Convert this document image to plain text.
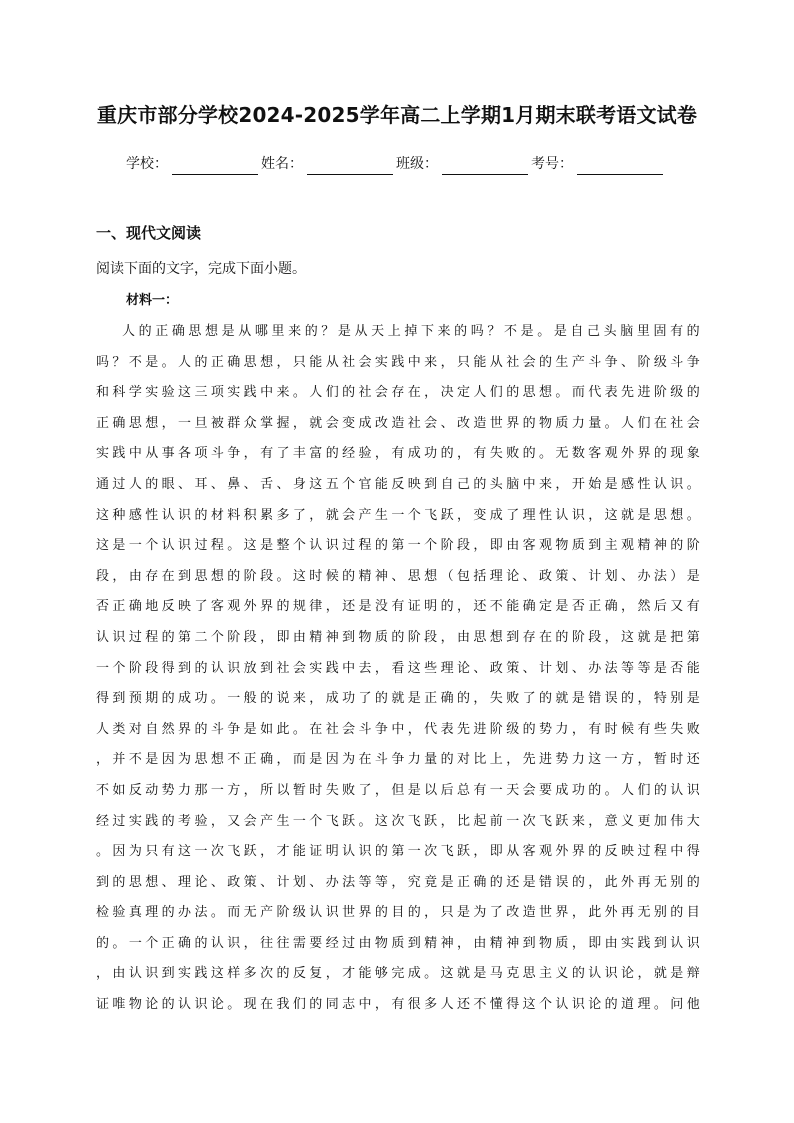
重庆市部分学校2024-2025学年高二上学期1月期末联考语文试卷
学校：	姓名：	班级：	考号：
一、现代文阅读
阅读下面的文字，完成下面小题。
材料一：
人的正确思想是从哪里来的？是从天上掉下来的吗？不是。是自己头脑里固有的
吗？不是。人的正确思想，只能从社会实践中来，只能从社会的生产斗争、阶级斗争
和科学实验这三项实践中来。人们的社会存在，决定人们的思想。而代表先进阶级的
正确思想，一旦被群众掌握，就会变成改造社会、改造世界的物质力量。人们在社会
实践中从事各项斗争，有了丰富的经验，有成功的，有失败的。无数客观外界的现象
通过人的眼、耳、鼻、舌、身这五个官能反映到自己的头脑中来，开始是感性认识。
这种感性认识的材料积累多了，就会产生一个飞跃，变成了理性认识，这就是思想。
这是一个认识过程。这是整个认识过程的第一个阶段，即由客观物质到主观精神的阶
段，由存在到思想的阶段。这时候的精神、思想（包括理论、政策、计划、办法）是
否正确地反映了客观外界的规律，还是没有证明的，还不能确定是否正确，然后又有
认识过程的第二个阶段，即由精神到物质的阶段，由思想到存在的阶段，这就是把第
一个阶段得到的认识放到社会实践中去，看这些理论、政策、计划、办法等等是否能
得到预期的成功。一般的说来，成功了的就是正确的，失败了的就是错误的，特别是
人类对自然界的斗争是如此。在社会斗争中，代表先进阶级的势力，有时候有些失败
，并不是因为思想不正确，而是因为在斗争力量的对比上，先进势力这一方，暂时还
不如反动势力那一方，所以暂时失败了，但是以后总有一天会要成功的。人们的认识
经过实践的考验，又会产生一个飞跃。这次飞跃，比起前一次飞跃来，意义更加伟大
。因为只有这一次飞跃，才能证明认识的第一次飞跃，即从客观外界的反映过程中得
到的思想、理论、政策、计划、办法等等，究竟是正确的还是错误的，此外再无别的
检验真理的办法。而无产阶级认识世界的目的，只是为了改造世界，此外再无别的目
的。一个正确的认识，往往需要经过由物质到精神，由精神到物质，即由实践到认识
，由认识到实践这样多次的反复，才能够完成。这就是马克思主义的认识论，就是辩
证唯物论的认识论。现在我们的同志中，有很多人还不懂得这个认识论的道理。问他
